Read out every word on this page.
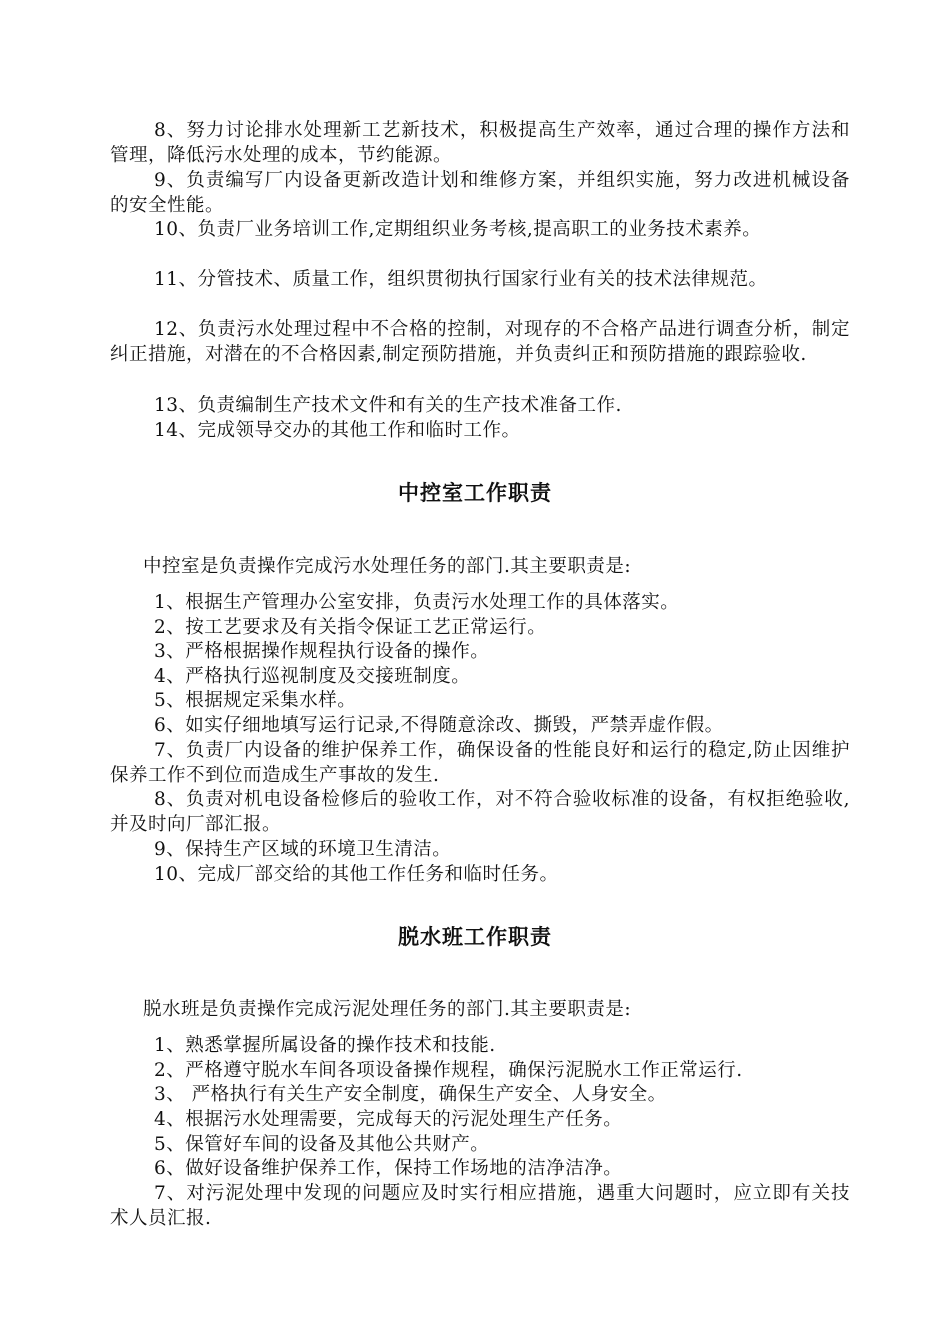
8、努力讨论排水处理新工艺新技术，积极提高生产效率，通过合理的操作方法和管理，降低污水处理的成本，节约能源。
9、负责编写厂内设备更新改造计划和维修方案，并组织实施，努力改进机械设备的安全性能。
10、负责厂业务培训工作,定期组织业务考核,提高职工的业务技术素养。
11、分管技术、质量工作，组织贯彻执行国家行业有关的技术法律规范。
12、负责污水处理过程中不合格的控制，对现存的不合格产品进行调查分析，制定纠正措施，对潜在的不合格因素,制定预防措施，并负责纠正和预防措施的跟踪验收.
13、负责编制生产技术文件和有关的生产技术准备工作.
14、完成领导交办的其他工作和临时工作。
中控室工作职责
中控室是负责操作完成污水处理任务的部门.其主要职责是:
1、根据生产管理办公室安排，负责污水处理工作的具体落实。
2、按工艺要求及有关指令保证工艺正常运行。
3、严格根据操作规程执行设备的操作。
4、严格执行巡视制度及交接班制度。
5、根据规定采集水样。
6、如实仔细地填写运行记录,不得随意涂改、撕毁，严禁弄虚作假。
7、负责厂内设备的维护保养工作，确保设备的性能良好和运行的稳定,防止因维护保养工作不到位而造成生产事故的发生.
8、负责对机电设备检修后的验收工作，对不符合验收标准的设备，有权拒绝验收,并及时向厂部汇报。
9、保持生产区域的环境卫生清洁。
10、完成厂部交给的其他工作任务和临时任务。
脱水班工作职责
脱水班是负责操作完成污泥处理任务的部门.其主要职责是:
1、熟悉掌握所属设备的操作技术和技能.
2、严格遵守脱水车间各项设备操作规程，确保污泥脱水工作正常运行.
3、 严格执行有关生产安全制度，确保生产安全、人身安全。
4、根据污水处理需要，完成每天的污泥处理生产任务。
5、保管好车间的设备及其他公共财产。
6、做好设备维护保养工作，保持工作场地的洁净洁净。
7、对污泥处理中发现的问题应及时实行相应措施，遇重大问题时，应立即有关技术人员汇报.
